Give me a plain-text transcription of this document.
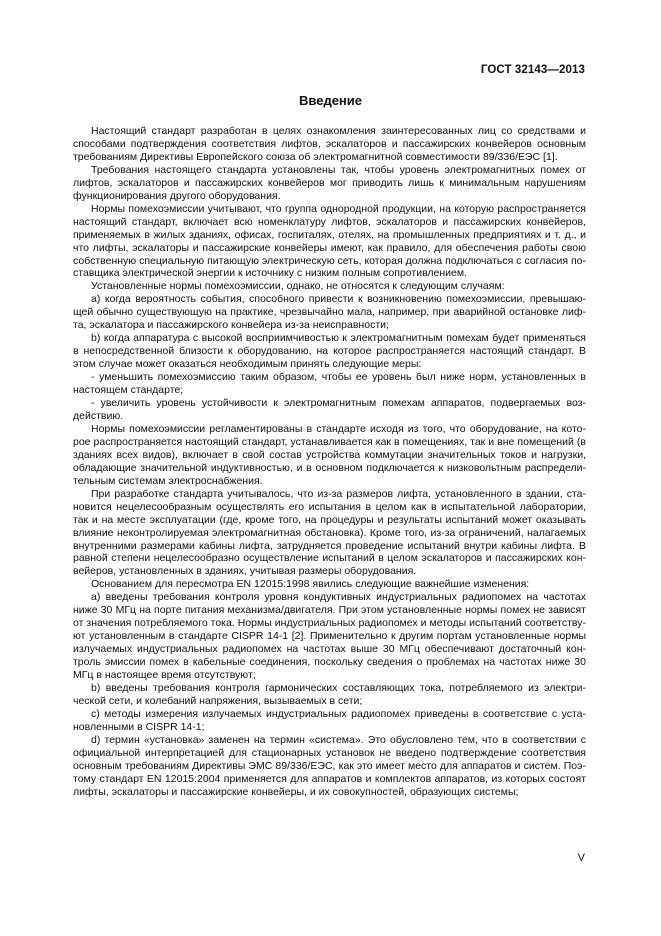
ГОСТ 32143—2013
Введение

Настоящий стандарт разработан в целях ознакомления заинтересованных лиц со средствами и способами подтверждения соответствия лифтов, эскалаторов и пассажирских конвейеров основным требованиям Директивы Европейского союза об электромагнитной совместимости 89/336/ЕЭС [1].

Требования настоящего стандарта установлены так, чтобы уровень электромагнитных помех от лифтов, эскалаторов и пассажирских конвейеров мог приводить лишь к минимальным нарушениям функционирования другого оборудования.

Нормы помехоэмиссии учитывают, что группа однородной продукции, на которую распространяется настоящий стандарт, включает всю номенклатуру лифтов, эскалаторов и пассажирских конвейеров, применяемых в жилых зданиях, офисах, госпиталях, отелях, на промышленных предприятиях и т. д., и что лифты, эскалаторы и пассажирские конвейеры имеют, как правило, для обеспечения работы свою собственную специальную питающую электрическую сеть, которая должна подключаться с согласия поставщика электрической энергии к источнику с низким полным сопротивлением.

Установленные нормы помехоэмиссии, однако, не относятся к следующим случаям:

а) когда вероятность события, способного привести к возникновению помехоэмиссии, превышающей обычно существующую на практике, чрезвычайно мала, например, при аварийной остановке лифта, эскалатора и пассажирского конвейера из-за неисправности;

b) когда аппаратура с высокой восприимчивостью к электромагнитным помехам будет применяться в непосредственной близости к оборудованию, на которое распространяется настоящий стандарт. В этом случае может оказаться необходимым принять следующие меры:

- уменьшить помехоэмиссию таким образом, чтобы ее уровень был ниже норм, установленных в настоящем стандарте;

- увеличить уровень устойчивости к электромагнитным помехам аппаратов, подвергаемых воздействию.

Нормы помехоэмиссии регламентированы в стандарте исходя из того, что оборудование, на которое распространяется настоящий стандарт, устанавливается как в помещениях, так и вне помещений (в зданиях всех видов), включает в свой состав устройства коммутации значительных токов и нагрузки, обладающие значительной индуктивностью, и в основном подключается к низковольтным распределительным системам электроснабжения.

При разработке стандарта учитывалось, что из-за размеров лифта, установленного в здании, становится нецелесообразным осуществлять его испытания в целом как в испытательной лаборатории, так и на месте эксплуатации (где, кроме того, на процедуры и результаты испытаний может оказывать влияние неконтролируемая электромагнитная обстановка). Кроме того, из-за ограничений, налагаемых внутренними размерами кабины лифта, затрудняется проведение испытаний внутри кабины лифта. В равной степени нецелесообразно осуществление испытаний в целом эскалаторов и пассажирских конвейеров, установленных в зданиях, учитывая размеры оборудования.

Основанием для пересмотра EN 12015:1998 явились следующие важнейшие изменения:

а) введены требования контроля уровня кондуктивных индустриальных радиопомех на частотах ниже 30 МГц на порте питания механизма/двигателя. При этом установленные нормы помех не зависят от значения потребляемого тока. Нормы индустриальных радиопомех и методы испытаний соответствуют установленным в стандарте CISPR 14-1 [2]. Применительно к другим портам установленные нормы излучаемых индустриальных радиопомех на частотах выше 30 МГц обеспечивают достаточный контроль эмиссии помех в кабельные соединения, поскольку сведения о проблемах на частотах ниже 30 МГц в настоящее время отсутствуют;

b) введены требования контроля гармонических составляющих тока, потребляемого из электрической сети, и колебаний напряжения, вызываемых в сети;

с) методы измерения излучаемых индустриальных радиопомех приведены в соответствие с установленными в CISPR 14-1;

d) термин «установка» заменен на термин «система». Это обусловлено тем, что в соответствии с официальной интерпретацией для стационарных установок не введено подтверждение соответствия основным требованиям Директивы ЭМС 89/336/ЕЭС, как это имеет место для аппаратов и систем. Поэтому стандарт EN 12015:2004 применяется для аппаратов и комплектов аппаратов, из которых состоят лифты, эскалаторы и пассажирские конвейеры, и их совокупностей, образующих системы;

V
